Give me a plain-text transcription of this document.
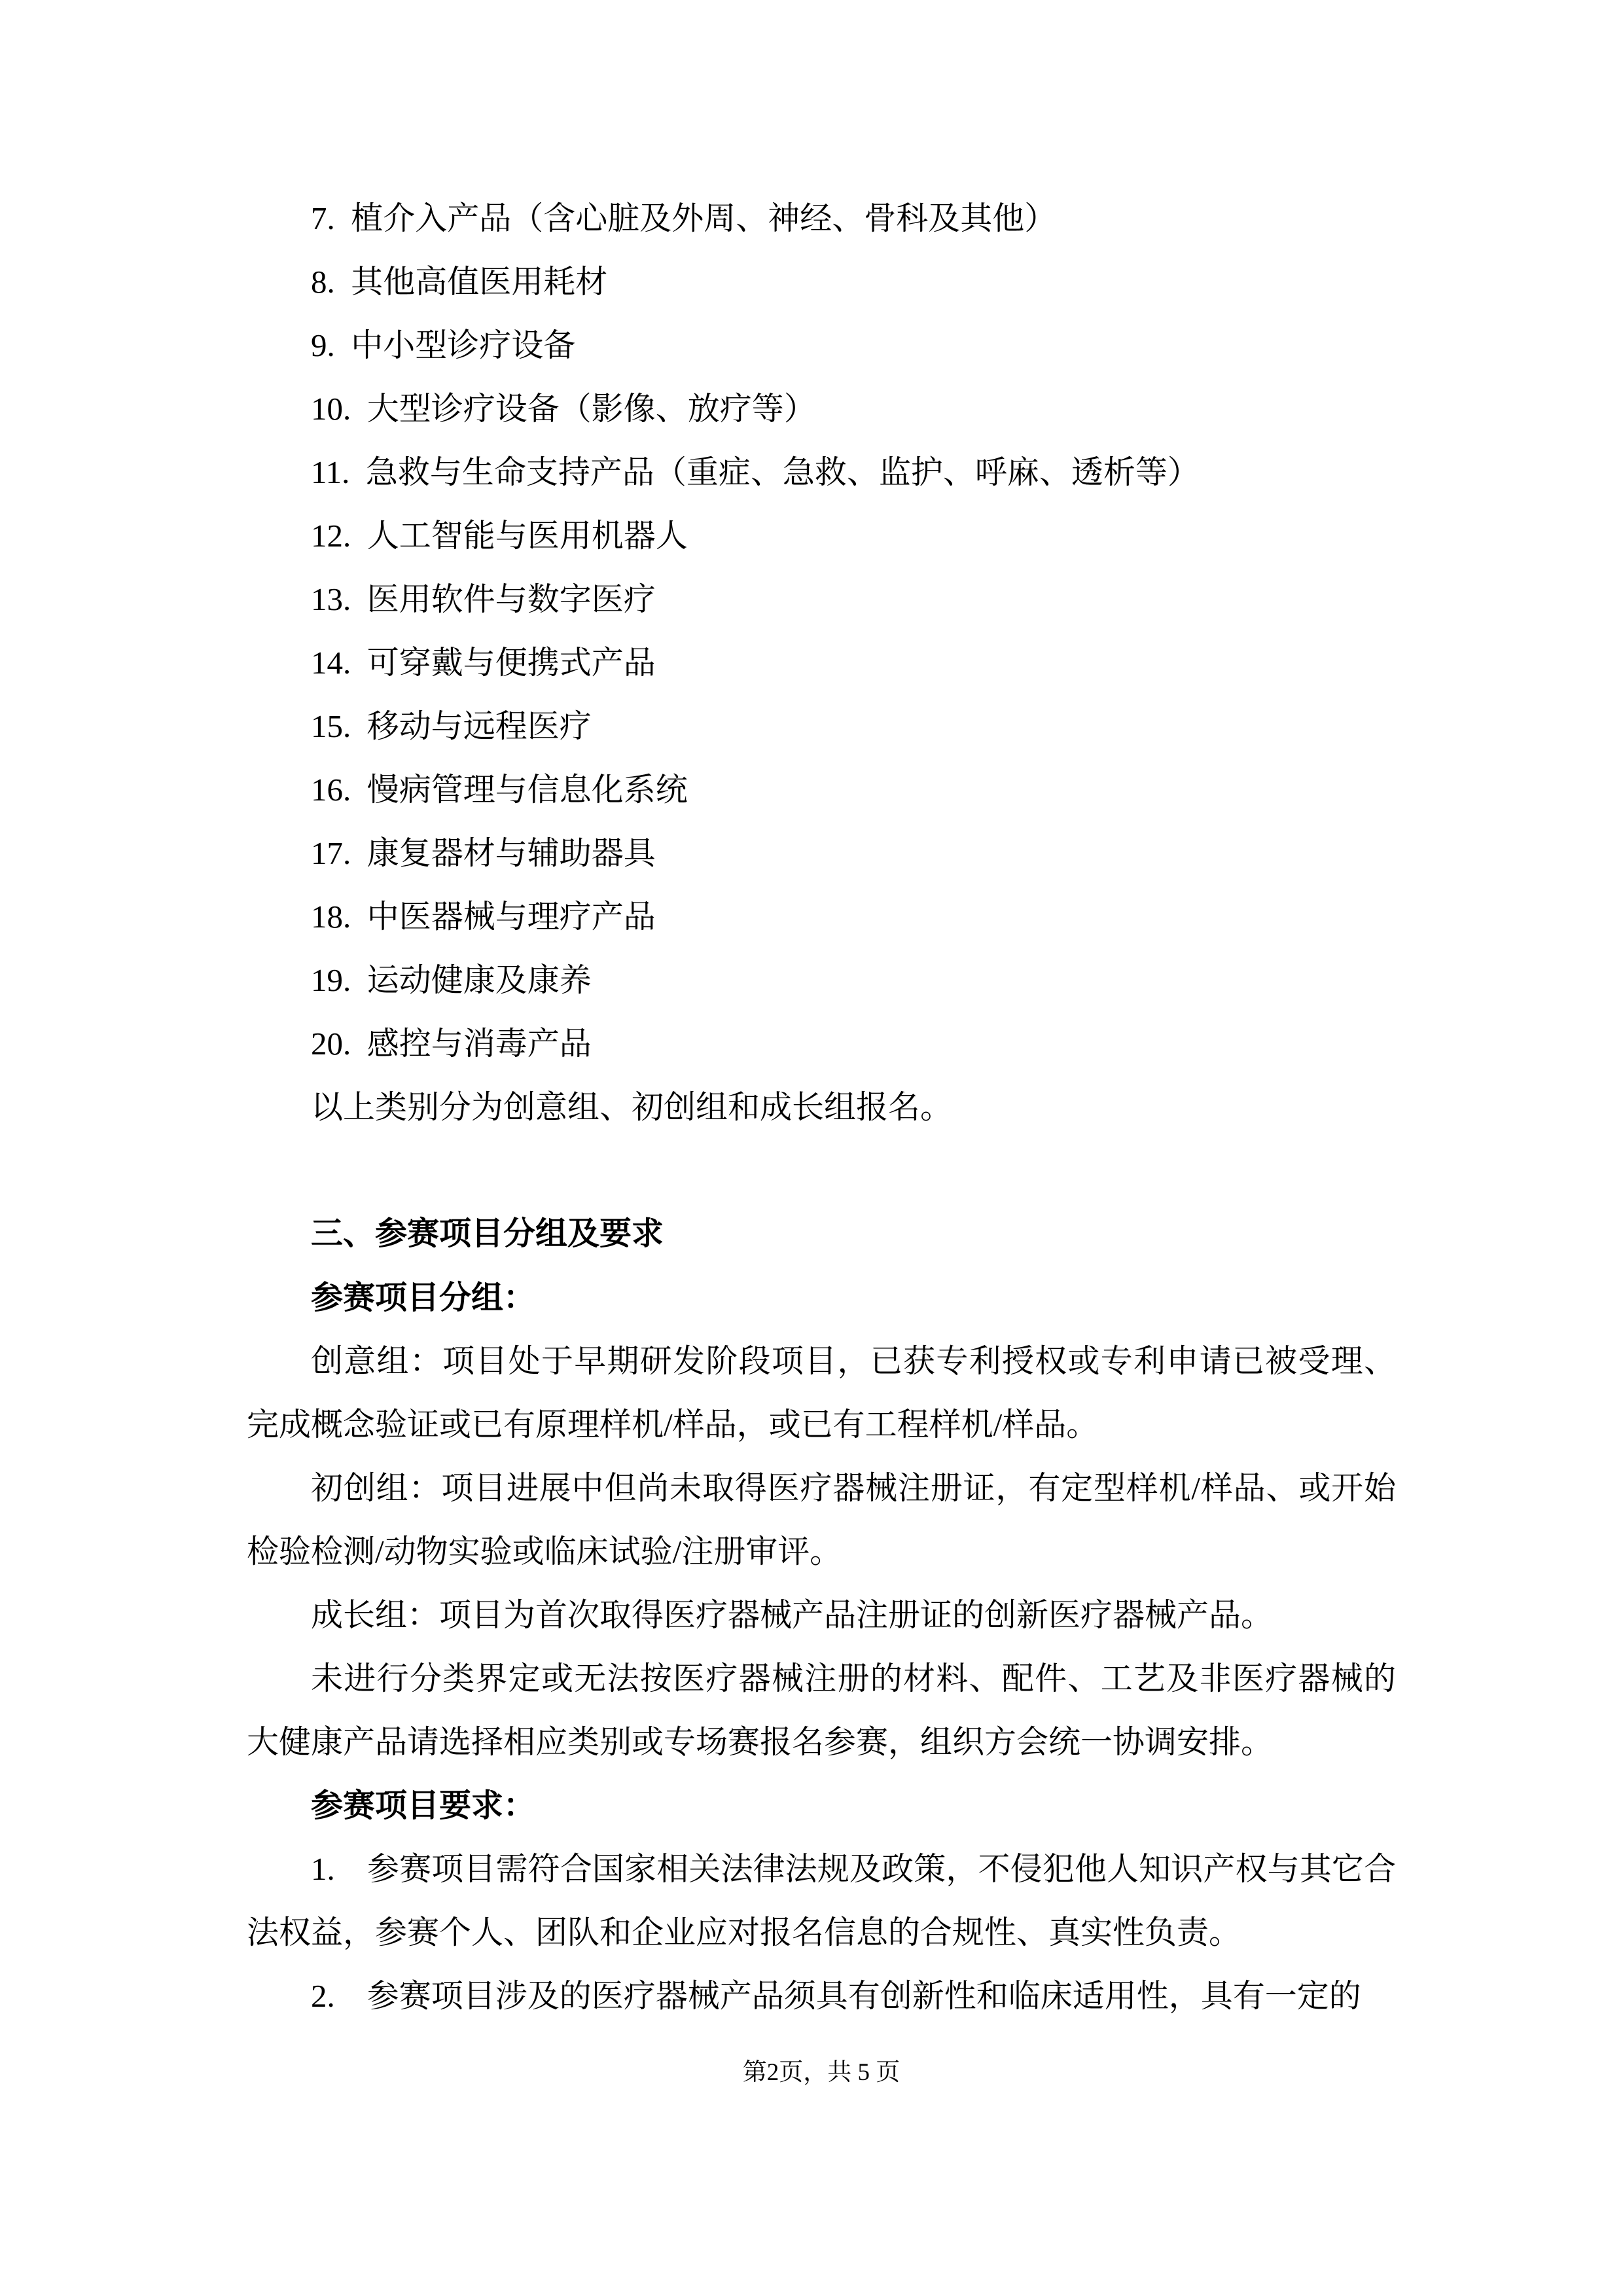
7. 植介入产品（含心脏及外周、神经、骨科及其他）
8. 其他高值医用耗材
9. 中小型诊疗设备
10. 大型诊疗设备（影像、放疗等）
11. 急救与生命支持产品（重症、急救、监护、呼麻、透析等）
12. 人工智能与医用机器人
13. 医用软件与数字医疗
14. 可穿戴与便携式产品
15. 移动与远程医疗
16. 慢病管理与信息化系统
17. 康复器材与辅助器具
18. 中医器械与理疗产品
19. 运动健康及康养
20. 感控与消毒产品
以上类别分为创意组、初创组和成长组报名。
三、参赛项目分组及要求
参赛项目分组：
创意组：项目处于早期研发阶段项目，已获专利授权或专利申请已被受理、完成概念验证或已有原理样机/样品，或已有工程样机/样品。
初创组：项目进展中但尚未取得医疗器械注册证，有定型样机/样品、或开始检验检测/动物实验或临床试验/注册审评。
成长组：项目为首次取得医疗器械产品注册证的创新医疗器械产品。
未进行分类界定或无法按医疗器械注册的材料、配件、工艺及非医疗器械的大健康产品请选择相应类别或专场赛报名参赛，组织方会统一协调安排。
参赛项目要求：
1.　参赛项目需符合国家相关法律法规及政策，不侵犯他人知识产权与其它合法权益，参赛个人、团队和企业应对报名信息的合规性、真实性负责。
2.　参赛项目涉及的医疗器械产品须具有创新性和临床适用性，具有一定的
第2页，共 5 页
